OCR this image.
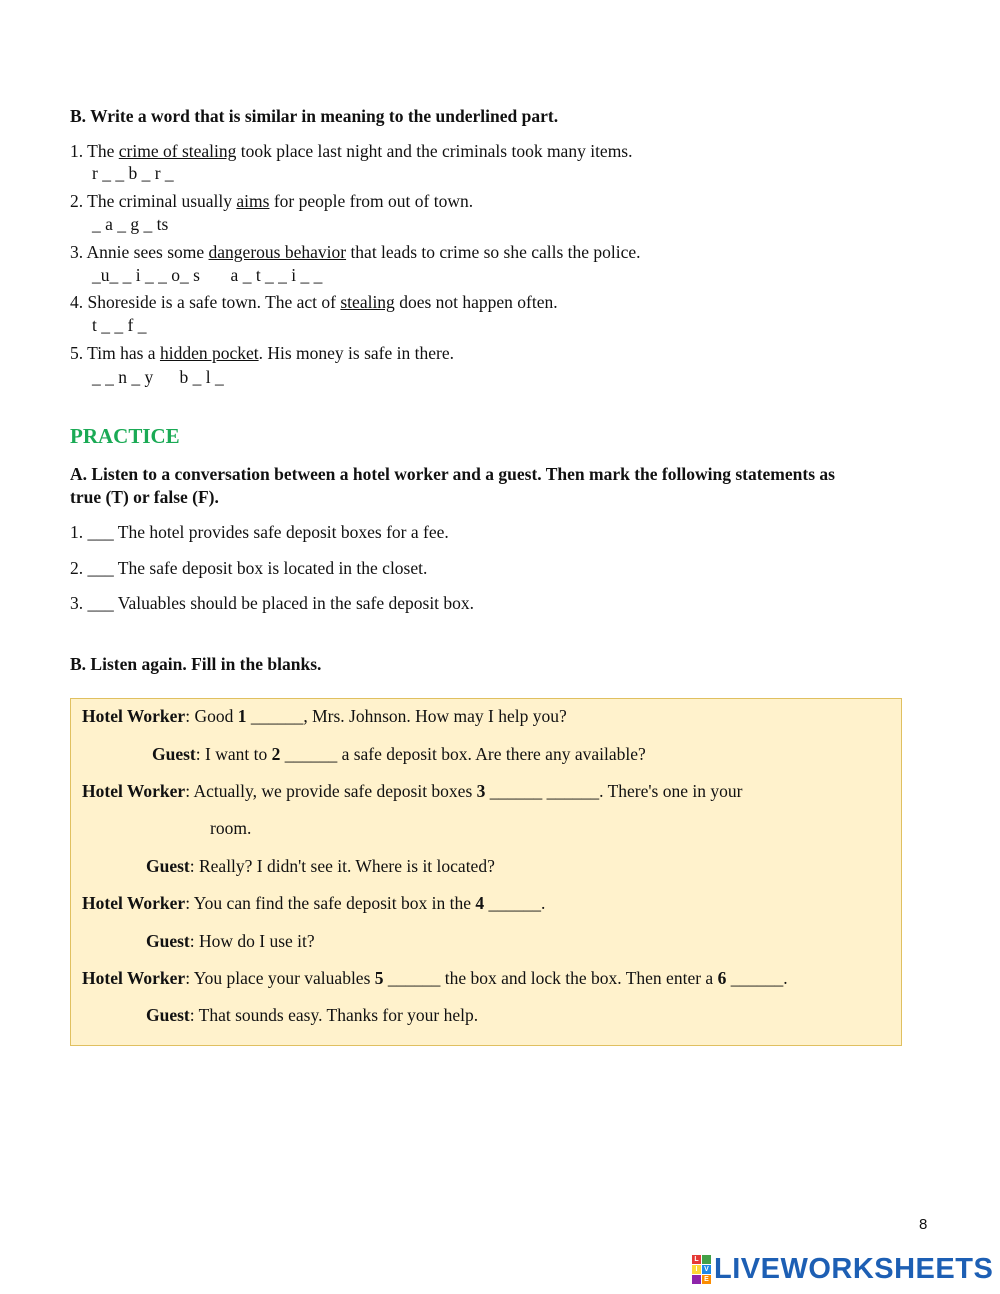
B. Write a word that is similar in meaning to the underlined part.
1. The crime of stealing took place last night and the criminals took many items.
r _ _ b _ r _
2. The criminal usually aims for people from out of town.
_ a _ g _ ts
3. Annie sees some dangerous behavior that leads to crime so she calls the police.
_u_ _ i _ _ o_ s       a _ t _ _ i _ _
4. Shoreside is a safe town. The act of stealing does not happen often.
t _ _ f _
5. Tim has a hidden pocket. His money is safe in there.
_ _ n _ y      b _ l _
PRACTICE
A. Listen to a conversation between a hotel worker and a guest. Then mark the following statements as
true (T) or false (F).
1. ___ The hotel provides safe deposit boxes for a fee.
2. ___ The safe deposit box is located in the closet.
3. ___ Valuables should be placed in the safe deposit box.
B. Listen again. Fill in the blanks.
Hotel Worker: Good 1 ______, Mrs. Johnson. How may I help you?
Guest: I want to 2 ______ a safe deposit box. Are there any available?
Hotel Worker: Actually, we provide safe deposit boxes 3 ______ ______. There's one in your
room.
Guest: Really? I didn't see it. Where is it located?
Hotel Worker: You can find the safe deposit box in the 4 ______.
Guest: How do I use it?
Hotel Worker: You place your valuables 5 ______ the box and lock the box. Then enter a 6 ______.
Guest: That sounds easy. Thanks for your help.
8
L
I V
E LIVEWORKSHEETS
